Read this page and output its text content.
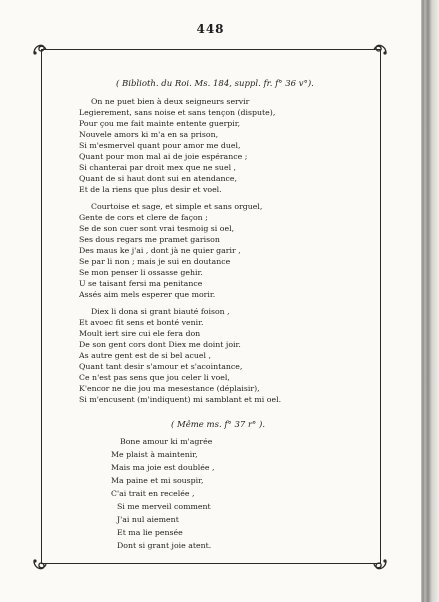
448
( Biblioth. du Roi. Ms. 184, suppl. fr. f° 36 v°).
On ne puet bien à deux seigneurs servir
Legierement, sans noise et sans tençon (dispute),
Pour çou me fait mainte entente guerpir,
Nouvele amors ki m'a en sa prison,
Si m'esmervel quant pour amor me duel,
Quant pour mon mal ai de joie espérance ;
Si chanterai par droit mex que ne suel ,
Quant de si haut dont sui en atendance,
Et de la riens que plus desir et voel.
Courtoise et sage, et simple et sans orguel,
Gente de cors et clere de façon ;
Se de son cuer sont vrai tesmoig si oel,
Ses dous regars me pramet garison
Des maus ke j'ai , dont jà ne quier garir ,
Se par li non ; mais je sui en doutance
Se mon penser li ossasse gehir.
U se taisant fersi ma penitance
Assés aim mels esperer que morir.
Diex li dona si grant biauté foison ,
Et avoec fit sens et bonté venir.
Moult iert sire cui ele fera don
De son gent cors dont Diex me doint joir.
As autre gent est de si bel acuel ,
Quant tant desir s'amour et s'acointance,
Ce n'est pas sens que jou celer li voel,
K'encor ne die jou ma mesestance (déplaisir),
Si m'encusent (m'indiquent) mi samblant et mi oel.
( Même ms. f° 37 r° ).
Bone amour ki m'agrée
Me plaist à maintenir,
Mais ma joie est doublée ,
Ma paine et mi souspir,
C'ai trait en recelée ,
Si me merveil comment
J'ai nul aiement
Et ma lie pensée
Dont si grant joie atent.
